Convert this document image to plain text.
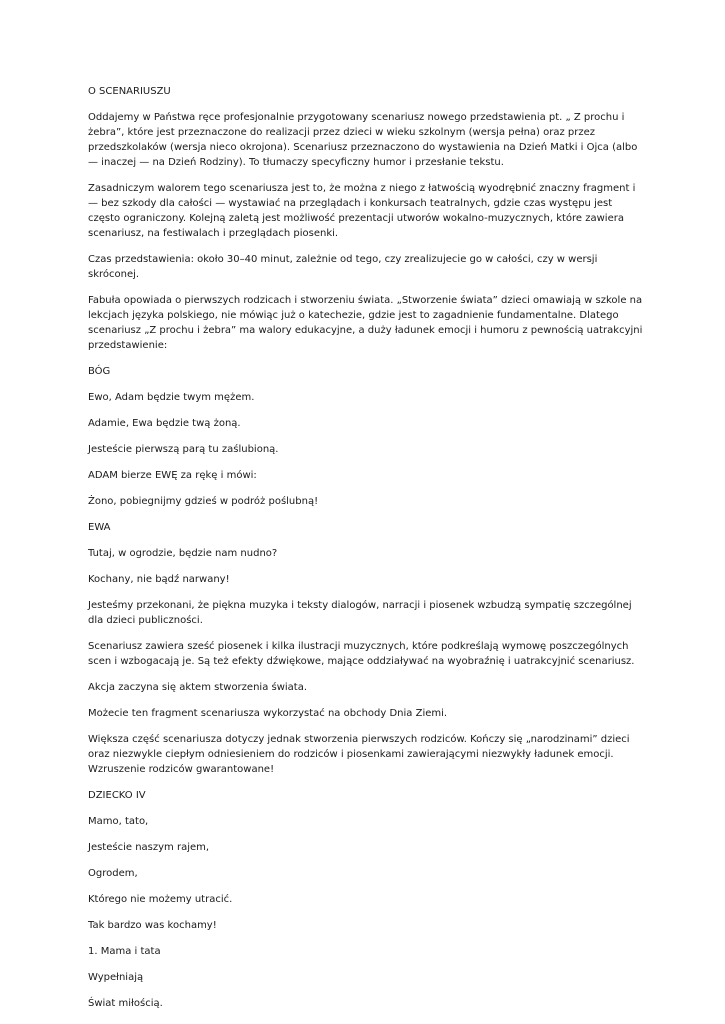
O SCENARIUSZU

Oddajemy w Państwa ręce profesjonalnie przygotowany scenariusz nowego przedstawienia pt. „ Z prochu i żebra”, które jest przeznaczone do realizacji przez dzieci w wieku szkolnym (wersja pełna) oraz przez przedszkolaków (wersja nieco okrojona). Scenariusz przeznaczono do wystawienia na Dzień Matki i Ojca (albo — inaczej — na Dzień Rodziny). To tłumaczy specyficzny humor i przesłanie tekstu.

Zasadniczym walorem tego scenariusza jest to, że można z niego z łatwością wyodrębnić znaczny fragment i — bez szkody dla całości — wystawiać na przeglądach i konkursach teatralnych, gdzie czas występu jest często ograniczony. Kolejną zaletą jest możliwość prezentacji utworów wokalno-muzycznych, które zawiera scenariusz, na festiwalach i przeglądach piosenki.

Czas przedstawienia: około 30–40 minut, zależnie od tego, czy zrealizujecie go w całości, czy w wersji skróconej.

Fabuła opowiada o pierwszych rodzicach i stworzeniu świata. „Stworzenie świata” dzieci omawiają w szkole na lekcjach języka polskiego, nie mówiąc już o katechezie, gdzie jest to zagadnienie fundamentalne. Dlatego scenariusz „Z prochu i żebra” ma walory edukacyjne, a duży ładunek emocji i humoru z pewnością uatrakcyjni przedstawienie:

BÓG

Ewo, Adam będzie twym mężem.

Adamie, Ewa będzie twą żoną.

Jesteście pierwszą parą tu zaślubioną.

ADAM bierze EWĘ za rękę i mówi:

Żono, pobiegnijmy gdzieś w podróż poślubną!

EWA

Tutaj, w ogrodzie, będzie nam nudno?

Kochany, nie bądź narwany!

Jesteśmy przekonani, że piękna muzyka i teksty dialogów, narracji i piosenek wzbudzą sympatię szczególnej dla dzieci publiczności.

Scenariusz zawiera sześć piosenek i kilka ilustracji muzycznych, które podkreślają wymowę poszczególnych scen i wzbogacają je. Są też efekty dźwiękowe, mające oddziaływać na wyobraźnię i uatrakcyjnić scenariusz.

Akcja zaczyna się aktem stworzenia świata.

Możecie ten fragment scenariusza wykorzystać na obchody Dnia Ziemi.

Większa część scenariusza dotyczy jednak stworzenia pierwszych rodziców. Kończy się „narodzinami” dzieci oraz niezwykle ciepłym odniesieniem do rodziców i piosenkami zawierającymi niezwykły ładunek emocji. Wzruszenie rodziców gwarantowane!

DZIECKO IV

Mamo, tato,

Jesteście naszym rajem,

Ogrodem,

Którego nie możemy utracić.

Tak bardzo was kochamy!

1. Mama i tata

Wypełniają

Świat miłością.
